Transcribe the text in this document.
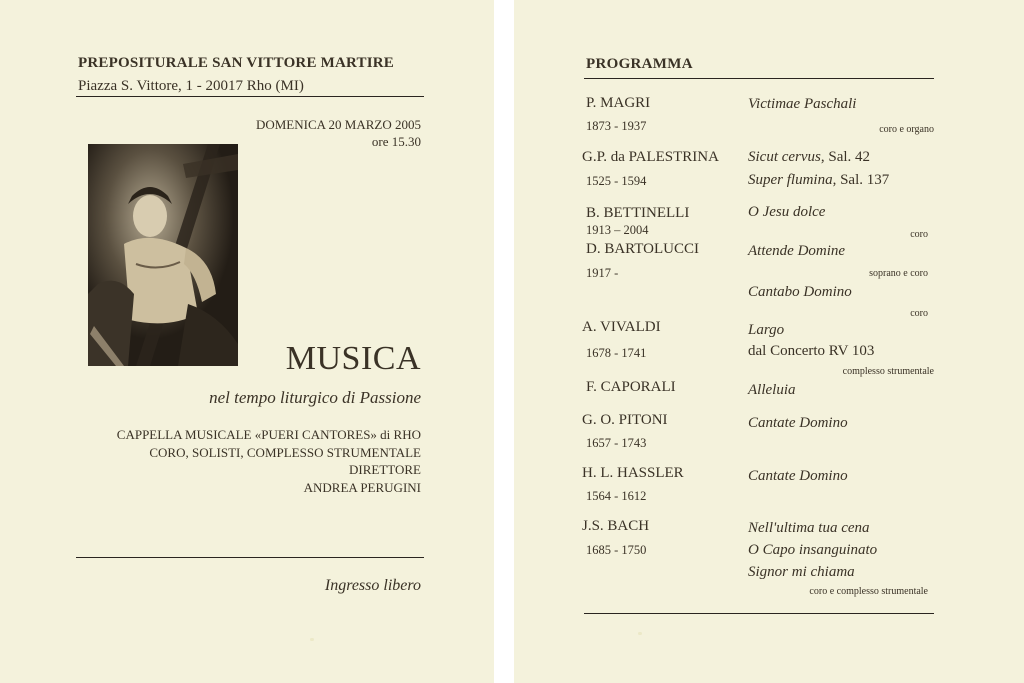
PREPOSITURALE SAN VITTORE MARTIRE
Piazza S. Vittore, 1 - 20017 Rho (MI)
DOMENICA 20 MARZO 2005
ore 15.30
MUSICA
nel tempo liturgico di Passione
CAPPELLA MUSICALE «PUERI CANTORES» di RHO
CORO, SOLISTI, COMPLESSO STRUMENTALE
DIRETTORE
ANDREA PERUGINI
Ingresso libero
PROGRAMMA
P. MAGRI
1873 - 1937
Victimae Paschali
coro e organo
G.P. da PALESTRINA
1525 - 1594
Sicut cervus, Sal. 42
Super flumina, Sal. 137
B. BETTINELLI
1913 – 2004
O Jesu dolce
coro
D. BARTOLUCCI
1917 -
Attende Domine
soprano e coro
Cantabo Domino
coro
A. VIVALDI
1678 - 1741
Largo
dal Concerto RV 103
complesso strumentale
F. CAPORALI	Alleluia
G. O. PITONI
1657 - 1743
Cantate Domino
H. L. HASSLER
1564 - 1612
Cantate Domino
J.S. BACH
1685 - 1750
Nell'ultima tua cena
O Capo insanguinato
Signor mi chiama
coro e complesso strumentale
